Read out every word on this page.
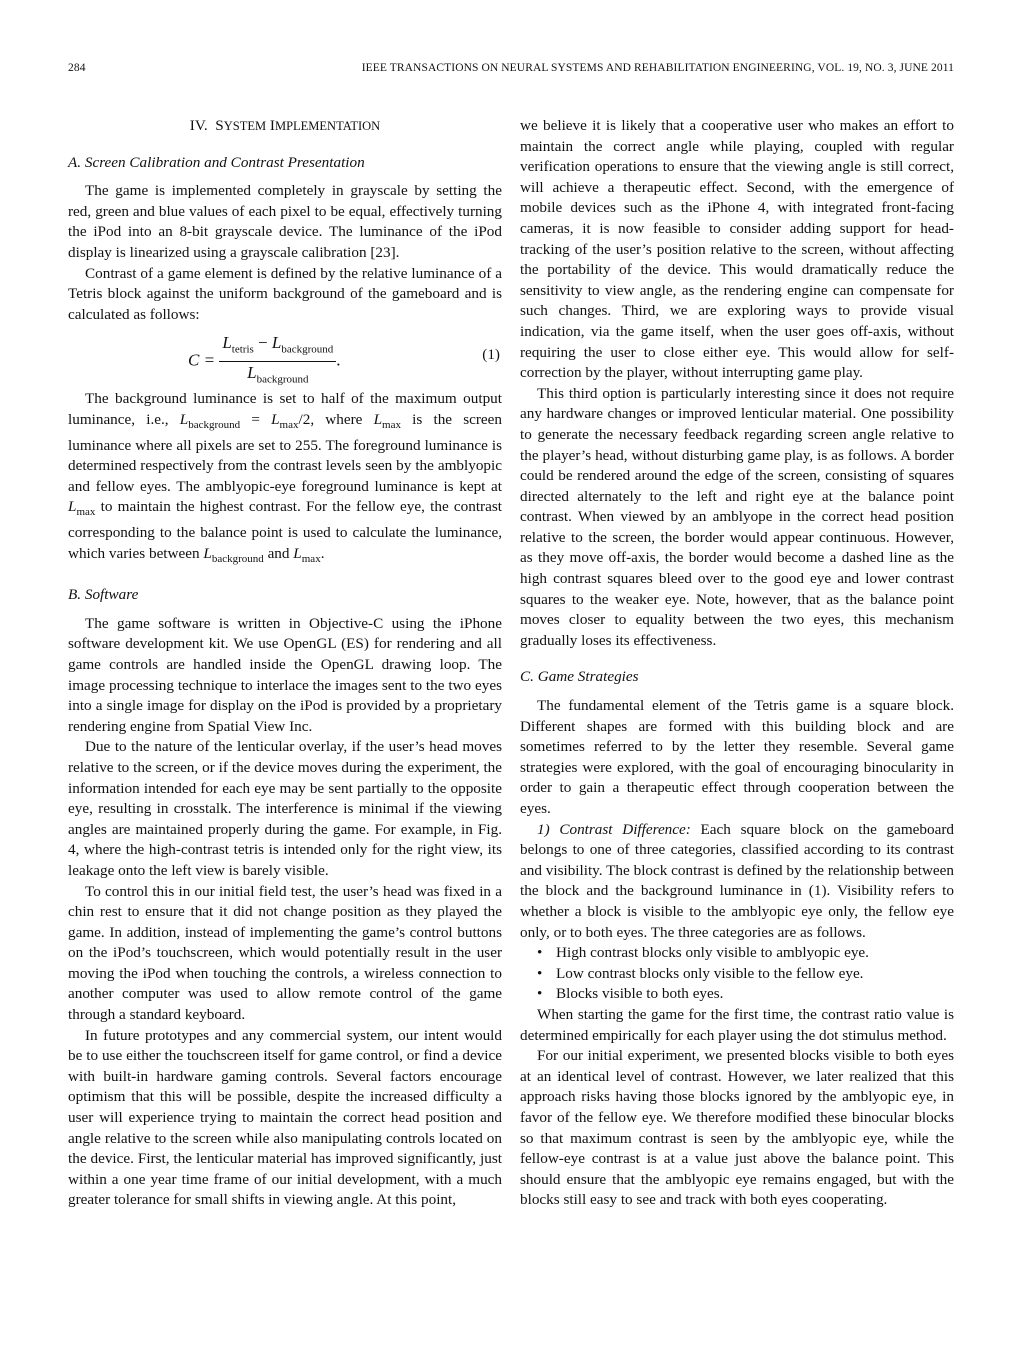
284	IEEE TRANSACTIONS ON NEURAL SYSTEMS AND REHABILITATION ENGINEERING, VOL. 19, NO. 3, JUNE 2011
IV. SYSTEM IMPLEMENTATION
A. Screen Calibration and Contrast Presentation

The game is implemented completely in grayscale by setting the red, green and blue values of each pixel to be equal, effectively turning the iPod into an 8-bit grayscale device. The luminance of the iPod display is linearized using a grayscale calibration [23].

Contrast of a game element is defined by the relative luminance of a Tetris block against the uniform background of the gameboard and is calculated as follows:

$C = \frac{L_{tetris} - L_{background}}{L_{background}}$ .	(1)

The background luminance is set to half of the maximum output luminance, i.e., $L_{background} = L_{max}/2$, where $L_{max}$ is the screen luminance where all pixels are set to 255. The foreground luminance is determined respectively from the contrast levels seen by the amblyopic and fellow eyes. The amblyopic-eye foreground luminance is kept at $L_{max}$ to maintain the highest contrast. For the fellow eye, the contrast corresponding to the balance point is used to calculate the luminance, which varies between $L_{background}$ and $L_{max}$.

B. Software

The game software is written in Objective-C using the iPhone software development kit. We use OpenGL (ES) for rendering and all game controls are handled inside the OpenGL drawing loop. The image processing technique to interlace the images sent to the two eyes into a single image for display on the iPod is provided by a proprietary rendering engine from Spatial View Inc.

Due to the nature of the lenticular overlay, if the user’s head moves relative to the screen, or if the device moves during the experiment, the information intended for each eye may be sent partially to the opposite eye, resulting in crosstalk. The interference is minimal if the viewing angles are maintained properly during the game. For example, in Fig. 4, where the high-contrast tetris is intended only for the right view, its leakage onto the left view is barely visible.

To control this in our initial field test, the user’s head was fixed in a chin rest to ensure that it did not change position as they played the game. In addition, instead of implementing the game’s control buttons on the iPod’s touchscreen, which would potentially result in the user moving the iPod when touching the controls, a wireless connection to another computer was used to allow remote control of the game through a standard keyboard.

In future prototypes and any commercial system, our intent would be to use either the touchscreen itself for game control, or find a device with built-in hardware gaming controls. Several factors encourage optimism that this will be possible, despite the increased difficulty a user will experience trying to maintain the correct head position and angle relative to the screen while also manipulating controls located on the device. First, the lenticular material has improved significantly, just within a one year time frame of our initial development, with a much greater tolerance for small shifts in viewing angle. At this point,

we believe it is likely that a cooperative user who makes an effort to maintain the correct angle while playing, coupled with regular verification operations to ensure that the viewing angle is still correct, will achieve a therapeutic effect. Second, with the emergence of mobile devices such as the iPhone 4, with integrated front-facing cameras, it is now feasible to consider adding support for head-tracking of the user’s position relative to the screen, without affecting the portability of the device. This would dramatically reduce the sensitivity to view angle, as the rendering engine can compensate for such changes. Third, we are exploring ways to provide visual indication, via the game itself, when the user goes off-axis, without requiring the user to close either eye. This would allow for self-correction by the player, without interrupting game play.

This third option is particularly interesting since it does not require any hardware changes or improved lenticular material. One possibility to generate the necessary feedback regarding screen angle relative to the player’s head, without disturbing game play, is as follows. A border could be rendered around the edge of the screen, consisting of squares directed alternately to the left and right eye at the balance point contrast. When viewed by an amblyope in the correct head position relative to the screen, the border would appear continuous. However, as they move off-axis, the border would become a dashed line as the high contrast squares bleed over to the good eye and lower contrast squares to the weaker eye. Note, however, that as the balance point moves closer to equality between the two eyes, this mechanism gradually loses its effectiveness.

C. Game Strategies

The fundamental element of the Tetris game is a square block. Different shapes are formed with this building block and are sometimes referred to by the letter they resemble. Several game strategies were explored, with the goal of encouraging binocularity in order to gain a therapeutic effect through cooperation between the eyes.

1) Contrast Difference: Each square block on the gameboard belongs to one of three categories, classified according to its contrast and visibility. The block contrast is defined by the relationship between the block and the background luminance in (1). Visibility refers to whether a block is visible to the amblyopic eye only, the fellow eye only, or to both eyes. The three categories are as follows.

• High contrast blocks only visible to amblyopic eye.
• Low contrast blocks only visible to the fellow eye.
• Blocks visible to both eyes.

When starting the game for the first time, the contrast ratio value is determined empirically for each player using the dot stimulus method.

For our initial experiment, we presented blocks visible to both eyes at an identical level of contrast. However, we later realized that this approach risks having those blocks ignored by the amblyopic eye, in favor of the fellow eye. We therefore modified these binocular blocks so that maximum contrast is seen by the amblyopic eye, while the fellow-eye contrast is at a value just above the balance point. This should ensure that the amblyopic eye remains engaged, but with the blocks still easy to see and track with both eyes cooperating.
